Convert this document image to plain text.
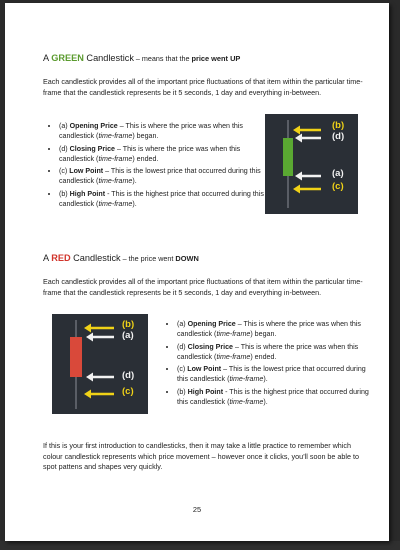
A GREEN Candlestick – means that the price went UP
Each candlestick provides all of the important price fluctuations of that item within the particular time-frame that the candlestick represents be it 5 seconds, 1 day and everything in-between.
• (a) Opening Price – This is where the price was when this candlestick (time-frame) began.
• (d) Closing Price – This is where the price was when this candlestick (time-frame) ended.
• (c) Low Point – This is the lowest price that occurred during this candlestick (time-frame).
• (b) High Point - This is the highest price that occurred during this candlestick (time-frame).
(b)
(d)
(a)
(c)
A RED Candlestick – the price went DOWN
Each candlestick provides all of the important price fluctuations of that item within the particular time-frame that the candlestick represents be it 5 seconds, 1 day and everything in-between.
(b)
(a)
(d)
(c)
• (a) Opening Price – This is where the price was when this candlestick (time-frame) began.
• (d) Closing Price – This is where the price was when this candlestick (time-frame) ended.
• (c) Low Point – This is the lowest price that occurred during this candlestick (time-frame).
• (b) High Point - This is the highest price that occurred during this candlestick (time-frame).
If this is your first introduction to candlesticks, then it may take a little practice to remember which colour candlestick represents which price movement – however once it clicks, you’ll soon be able to spot pattens and shapes very quickly.
25
